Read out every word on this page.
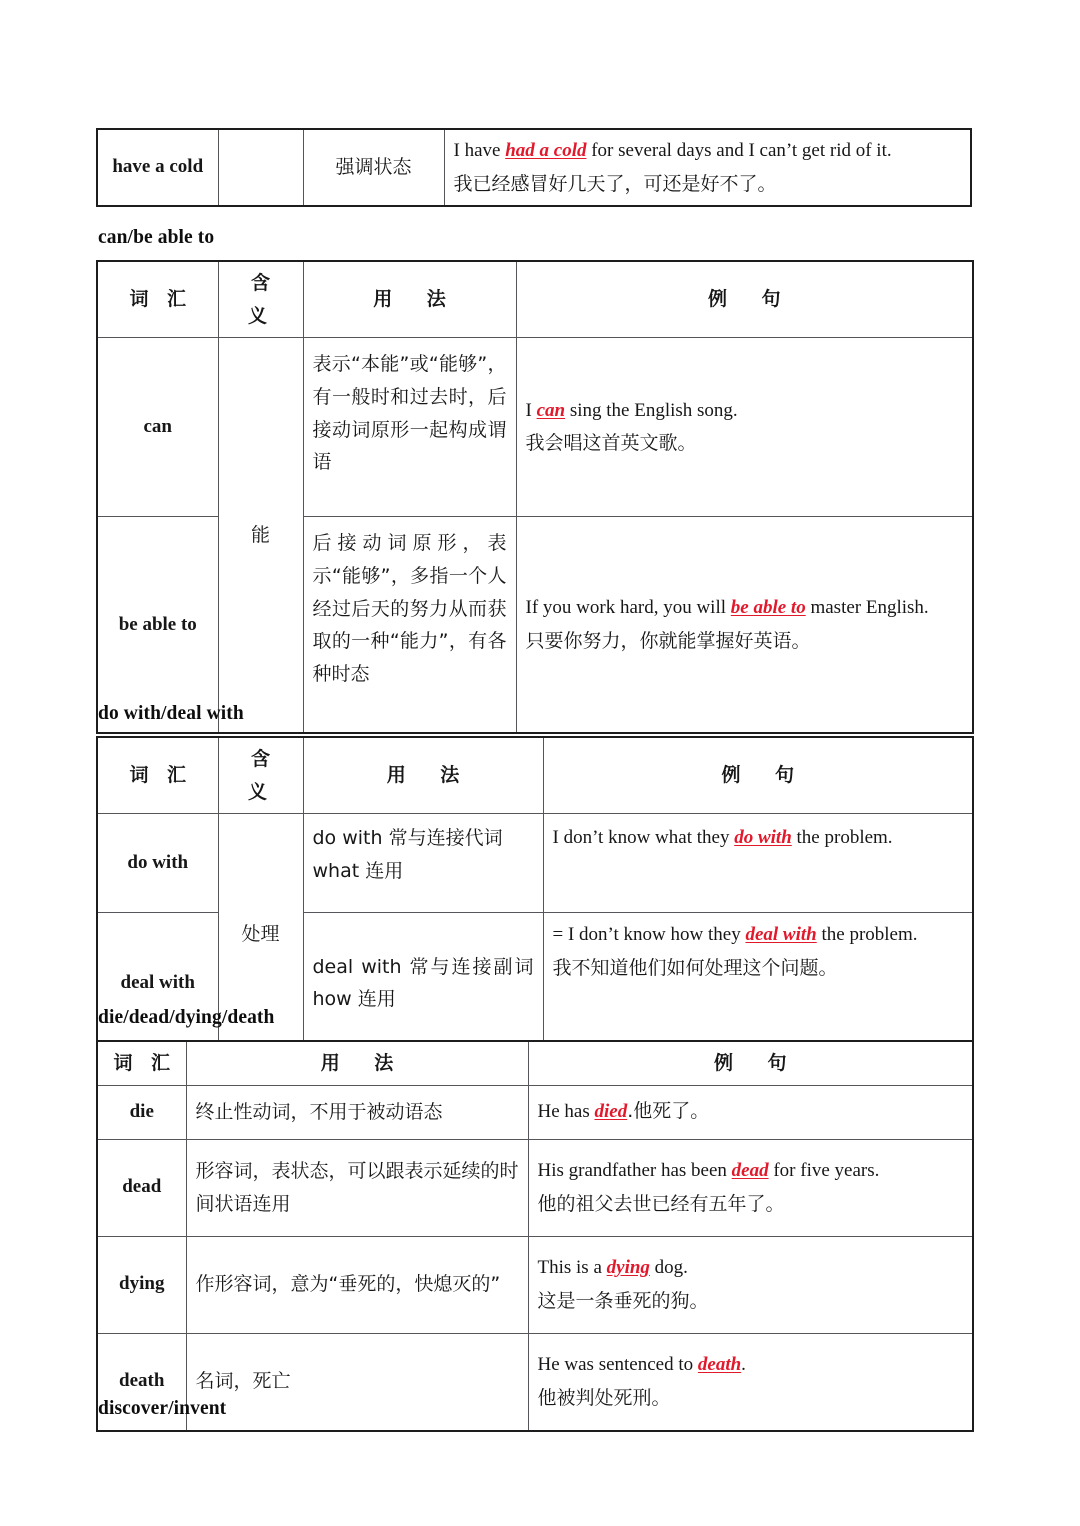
have a cold		强调状态	
I have had a cold for several days and I can’t get rid of it.
我已经感冒好几天了，可还是好不了。
can/be able to
词 汇	含 义	用 法	例 句
can	能	表示“本能”或“能够”，有一般时和过去时，后接动词原形一起构成谓语	I can sing the English song.
我会唱这首英文歌。

be able to		后接动词原形，表示“能够”，多指一个人经过后天的努力从而获取的一种“能力”，有各种时态	If you work hard, you will be able to master English.
只要你努力，你就能掌握好英语。
do with/deal with
词 汇	含 义	用 法	例 句
do with	处理	do with 常与连接代词 what 连用	I don’t know what they do with the problem.

deal with		deal with 常与连接副词 how 连用	= I don’t know how they deal with the problem.
我不知道他们如何处理这个问题。
die/dead/dying/death
词 汇	用 法	例 句
die	终止性动词，不用于被动语态	He has died.他死了。

dead	形容词，表状态，可以跟表示延续的时间状语连用	His grandfather has been dead for five years.
他的祖父去世已经有五年了。

dying	作形容词，意为“垂死的，快熄灭的”	This is a dying dog.
这是一条垂死的狗。

death	名词，死亡	He was sentenced to death.
他被判处死刑。
discover/invent
